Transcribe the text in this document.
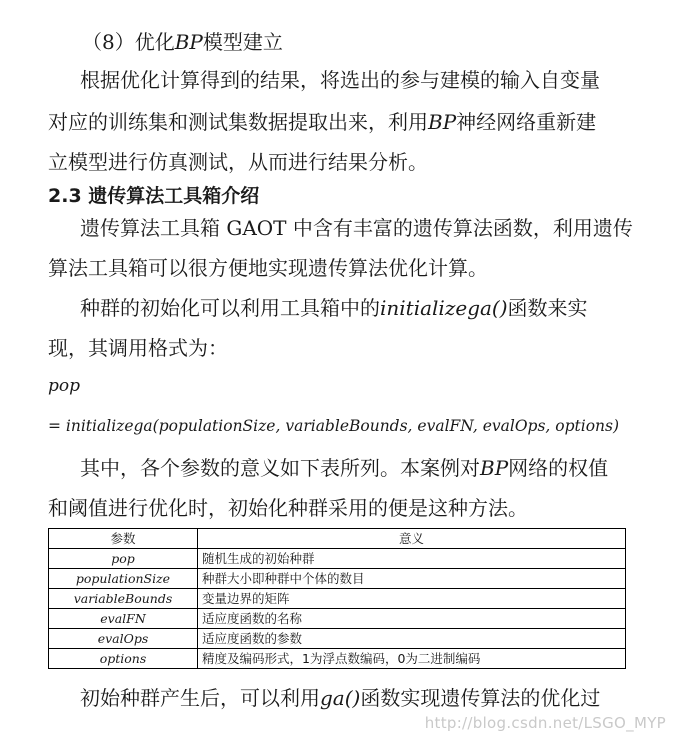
（8）优化BP模型建立
根据优化计算得到的结果，将选出的参与建模的输入自变量
对应的训练集和测试集数据提取出来，利用BP神经网络重新建
立模型进行仿真测试，从而进行结果分析。
2.3 遗传算法工具箱介绍
遗传算法工具箱 GAOT 中含有丰富的遗传算法函数，利用遗传
算法工具箱可以很方便地实现遗传算法优化计算。
种群的初始化可以利用工具箱中的initializega()函数来实
现，其调用格式为：
pop
= initializega(populationSize, variableBounds, evalFN, evalOps, options)
其中，各个参数的意义如下表所列。本案例对BP网络的权值
和阈值进行优化时，初始化种群采用的便是这种方法。
参数	意义
pop	随机生成的初始种群
populationSize	种群大小即种群中个体的数目
variableBounds	变量边界的矩阵
evalFN	适应度函数的名称
evalOps	适应度函数的参数
options	精度及编码形式，1为浮点数编码，0为二进制编码
初始种群产生后，可以利用ga()函数实现遗传算法的优化过
http://blog.csdn.net/LSGO_MYP
